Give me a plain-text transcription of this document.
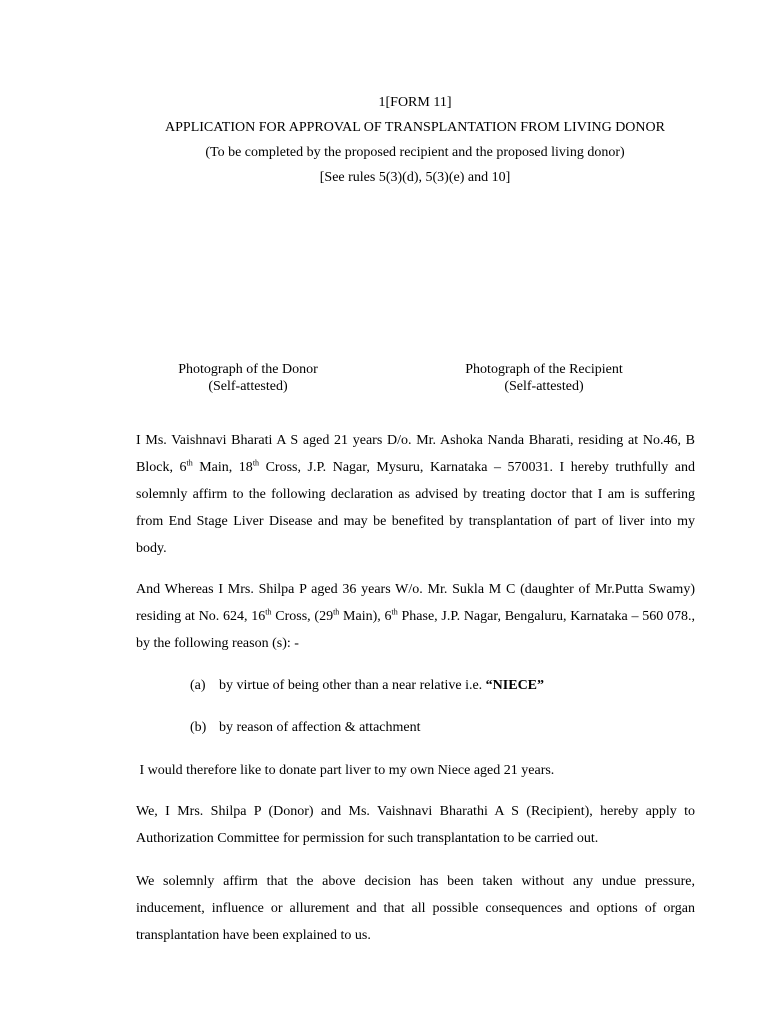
1[FORM 11]
APPLICATION FOR APPROVAL OF TRANSPLANTATION FROM LIVING DONOR
(To be completed by the proposed recipient and the proposed living donor)
[See rules 5(3)(d), 5(3)(e) and 10]
Photograph of the Donor
(Self-attested)
Photograph of the Recipient
(Self-attested)
I Ms. Vaishnavi Bharati A S aged 21 years D/o. Mr. Ashoka Nanda Bharati, residing at No.46, B Block, 6th Main, 18th Cross, J.P. Nagar, Mysuru, Karnataka – 570031. I hereby truthfully and solemnly affirm to the following declaration as advised by treating doctor that I am is suffering from End Stage Liver Disease and may be benefited by transplantation of part of liver into my body.
And Whereas I Mrs. Shilpa P aged 36 years W/o. Mr. Sukla M C (daughter of Mr.Putta Swamy) residing at No. 624, 16th Cross, (29th Main), 6th Phase, J.P. Nagar, Bengaluru, Karnataka – 560 078., by the following reason (s): -
(a) by virtue of being other than a near relative i.e. “NIECE”
(b) by reason of affection & attachment
I would therefore like to donate part liver to my own Niece aged 21 years.
We, I Mrs. Shilpa P (Donor) and Ms. Vaishnavi Bharathi A S (Recipient), hereby apply to Authorization Committee for permission for such transplantation to be carried out.
We solemnly affirm that the above decision has been taken without any undue pressure, inducement, influence or allurement and that all possible consequences and options of organ transplantation have been explained to us.
